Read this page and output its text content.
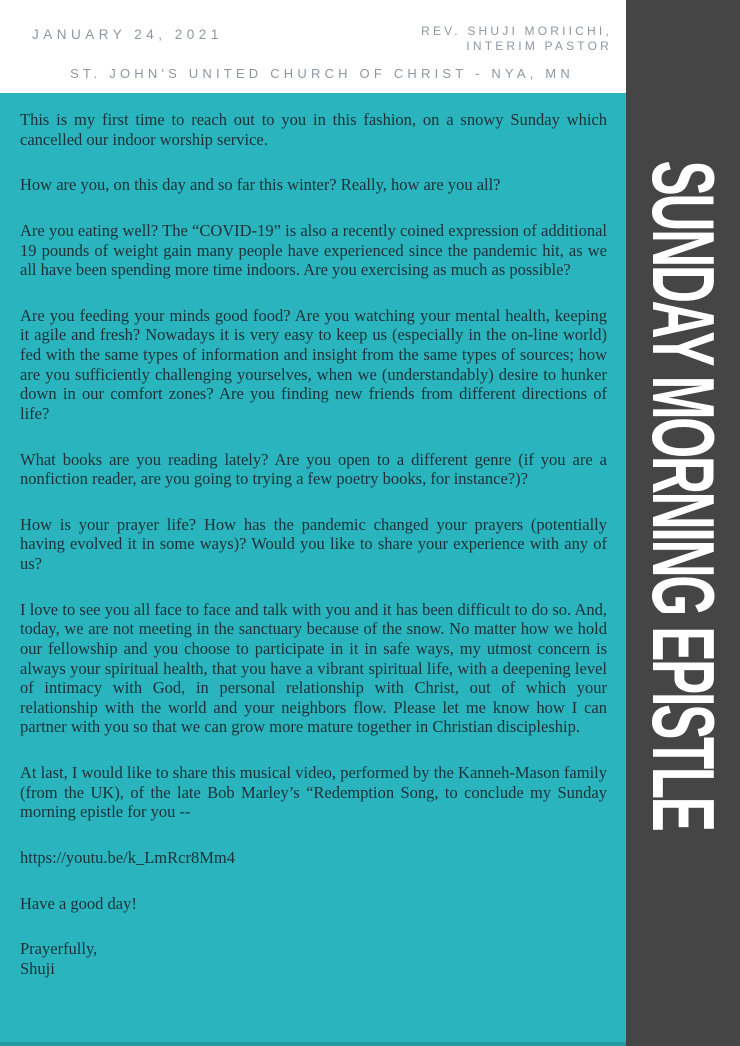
SUNDAY MORNING EPISTLE
JANUARY 24, 2021	REV. SHUJI MORIICHI,
INTERIM PASTOR
ST. JOHN'S UNITED CHURCH OF CHRIST - NYA, MN

This is my first time to reach out to you in this fashion, on a snowy Sunday which cancelled our indoor worship service.

How are you, on this day and so far this winter? Really, how are you all?

Are you eating well? The “COVID-19” is also a recently coined expression of additional 19 pounds of weight gain many people have experienced since the pandemic hit, as we all have been spending more time indoors. Are you exercising as much as possible?

Are you feeding your minds good food? Are you watching your mental health, keeping it agile and fresh? Nowadays it is very easy to keep us (especially in the on-line world) fed with the same types of information and insight from the same types of sources; how are you sufficiently challenging yourselves, when we (understandably) desire to hunker down in our comfort zones? Are you finding new friends from different directions of life?

What books are you reading lately? Are you open to a different genre (if you are a nonfiction reader, are you going to trying a few poetry books, for instance?)?

How is your prayer life? How has the pandemic changed your prayers (potentially having evolved it in some ways)? Would you like to share your experience with any of us?

I love to see you all face to face and talk with you and it has been difficult to do so. And, today, we are not meeting in the sanctuary because of the snow. No matter how we hold our fellowship and you choose to participate in it in safe ways, my utmost concern is always your spiritual health, that you have a vibrant spiritual life, with a deepening level of intimacy with God, in personal relationship with Christ, out of which your relationship with the world and your neighbors flow. Please let me know how I can partner with you so that we can grow more mature together in Christian discipleship.

At last, I would like to share this musical video, performed by the Kanneh-Mason family (from the UK), of the late Bob Marley’s “Redemption Song, to conclude my Sunday morning epistle for you --

https://youtu.be/k_LmRcr8Mm4

Have a good day!

Prayerfully,

Shuji
